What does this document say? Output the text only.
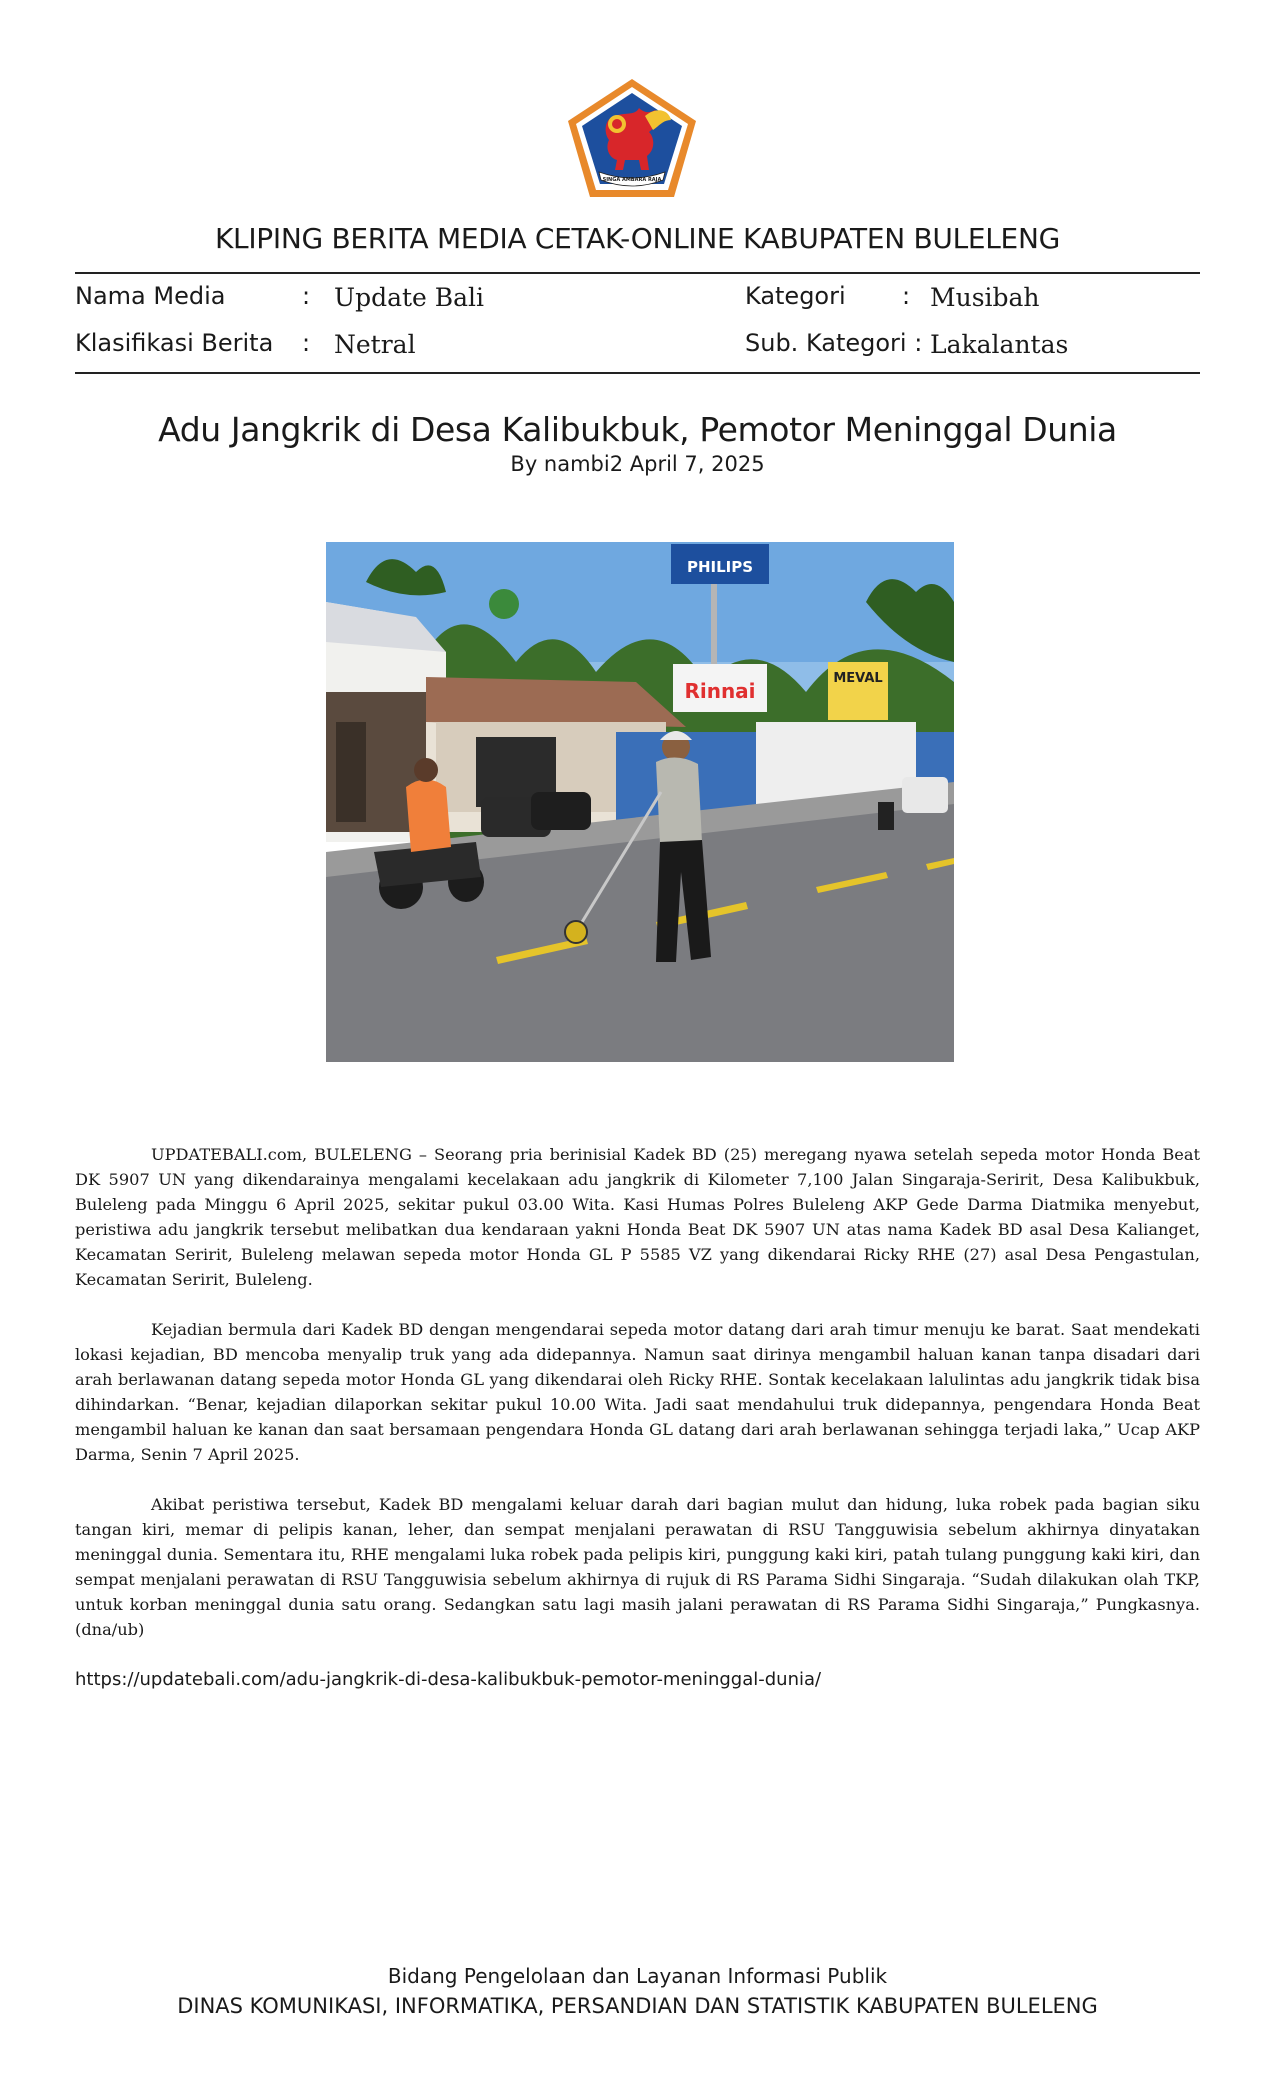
SINGA AMBARA RAJA
KLIPING BERITA MEDIA CETAK-ONLINE KABUPATEN BULELENG
Nama Media	: Update Bali	Kategori : Musibah
Klasifikasi Berita : Netral	Sub. Kategori : Lakalantas
Adu Jangkrik di Desa Kalibukbuk, Pemotor Meninggal Dunia
By nambi2 April 7, 2025
PHILIPS
Rinnai
MEVAL

UPDATEBALI.com, BULELENG – Seorang pria berinisial Kadek BD (25) meregang nyawa setelah sepeda motor Honda Beat DK 5907 UN yang dikendarainya mengalami kecelakaan adu jangkrik di Kilometer 7,100 Jalan Singaraja-Seririt, Desa Kalibukbuk, Buleleng pada Minggu 6 April 2025, sekitar pukul 03.00 Wita. Kasi Humas Polres Buleleng AKP Gede Darma Diatmika menyebut, peristiwa adu jangkrik tersebut melibatkan dua kendaraan yakni Honda Beat DK 5907 UN atas nama Kadek BD asal Desa Kalianget, Kecamatan Seririt, Buleleng melawan sepeda motor Honda GL P 5585 VZ yang dikendarai Ricky RHE (27) asal Desa Pengastulan, Kecamatan Seririt, Buleleng.

Kejadian bermula dari Kadek BD dengan mengendarai sepeda motor datang dari arah timur menuju ke barat. Saat mendekati lokasi kejadian, BD mencoba menyalip truk yang ada didepannya. Namun saat dirinya mengambil haluan kanan tanpa disadari dari arah berlawanan datang sepeda motor Honda GL yang dikendarai oleh Ricky RHE. Sontak kecelakaan lalulintas adu jangkrik tidak bisa dihindarkan. “Benar, kejadian dilaporkan sekitar pukul 10.00 Wita. Jadi saat mendahului truk didepannya, pengendara Honda Beat mengambil haluan ke kanan dan saat bersamaan pengendara Honda GL datang dari arah berlawanan sehingga terjadi laka,” Ucap AKP Darma, Senin 7 April 2025.

Akibat peristiwa tersebut, Kadek BD mengalami keluar darah dari bagian mulut dan hidung, luka robek pada bagian siku tangan kiri, memar di pelipis kanan, leher, dan sempat menjalani perawatan di RSU Tangguwisia sebelum akhirnya dinyatakan meninggal dunia. Sementara itu, RHE mengalami luka robek pada pelipis kiri, punggung kaki kiri, patah tulang punggung kaki kiri, dan sempat menjalani perawatan di RSU Tangguwisia sebelum akhirnya di rujuk di RS Parama Sidhi Singaraja. “Sudah dilakukan olah TKP, untuk korban meninggal dunia satu orang. Sedangkan satu lagi masih jalani perawatan di RS Parama Sidhi Singaraja,” Pungkasnya. (dna/ub)

https://updatebali.com/adu-jangkrik-di-desa-kalibukbuk-pemotor-meninggal-dunia/

Bidang Pengelolaan dan Layanan Informasi Publik
DINAS KOMUNIKASI, INFORMATIKA, PERSANDIAN DAN STATISTIK KABUPATEN BULELENG
